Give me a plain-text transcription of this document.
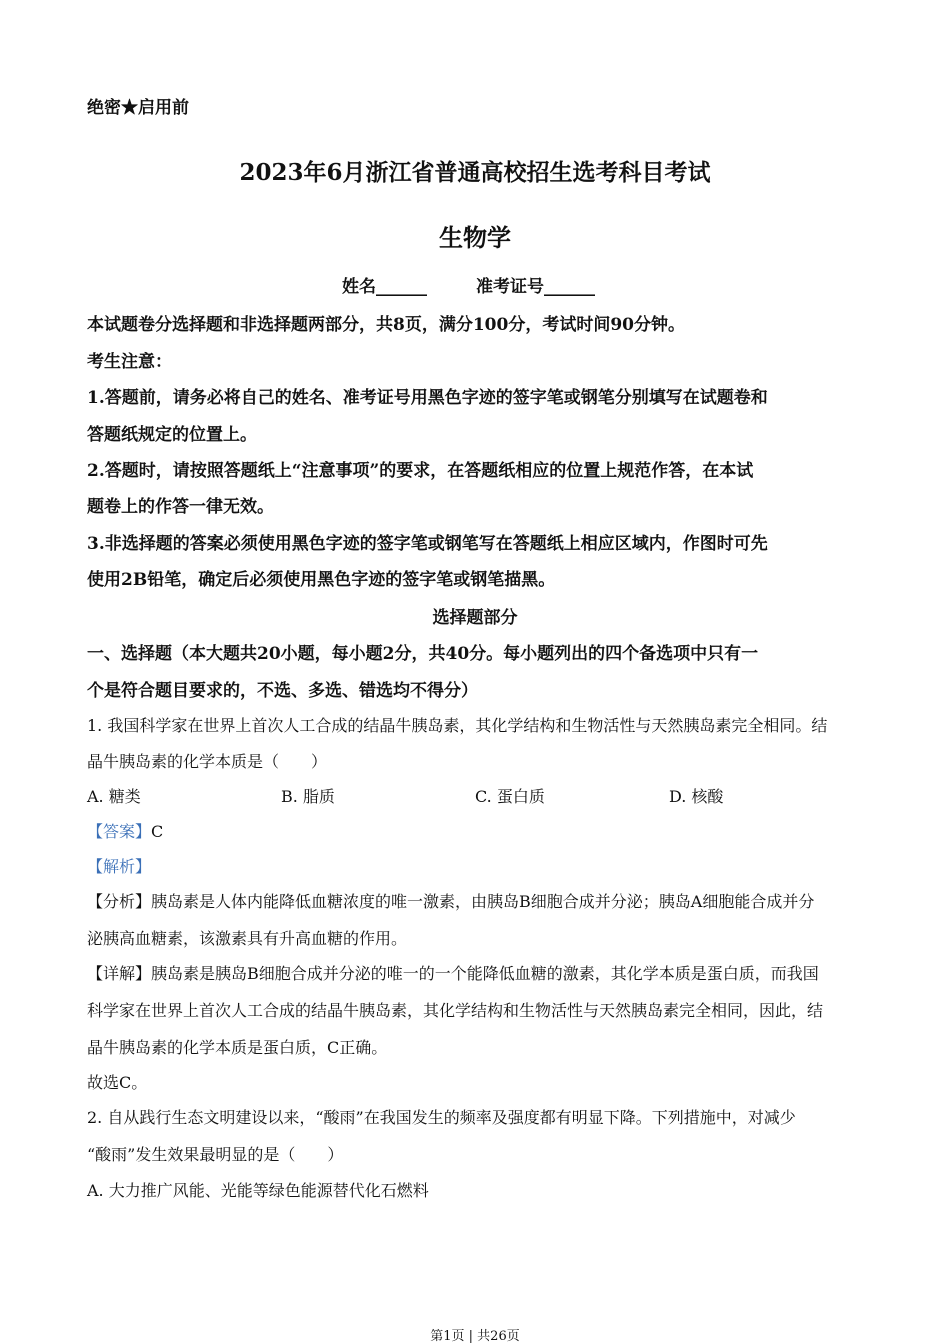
绝密★启用前
2023年6月浙江省普通高校招生选考科目考试
生物学
姓名______	准考证号______
本试题卷分选择题和非选择题两部分，共8页，满分100分，考试时间90分钟。
考生注意：
1.答题前，请务必将自己的姓名、准考证号用黑色字迹的签字笔或钢笔分别填写在试题卷和
答题纸规定的位置上。
2.答题时，请按照答题纸上“注意事项”的要求，在答题纸相应的位置上规范作答，在本试
题卷上的作答一律无效。
3.非选择题的答案必须使用黑色字迹的签字笔或钢笔写在答题纸上相应区域内，作图时可先
使用2B铅笔，确定后必须使用黑色字迹的签字笔或钢笔描黑。
选择题部分
一、选择题（本大题共20小题，每小题2分，共40分。每小题列出的四个备选项中只有一
个是符合题目要求的，不选、多选、错选均不得分）
1. 我国科学家在世界上首次人工合成的结晶牛胰岛素，其化学结构和生物活性与天然胰岛素完全相同。结
晶牛胰岛素的化学本质是（　　）
A. 糖类	B. 脂质	C. 蛋白质	D. 核酸
【答案】C
【解析】
【分析】胰岛素是人体内能降低血糖浓度的唯一激素，由胰岛B细胞合成并分泌；胰岛A细胞能合成并分
泌胰高血糖素，该激素具有升高血糖的作用。
【详解】胰岛素是胰岛B细胞合成并分泌的唯一的一个能降低血糖的激素，其化学本质是蛋白质，而我国
科学家在世界上首次人工合成的结晶牛胰岛素，其化学结构和生物活性与天然胰岛素完全相同，因此，结
晶牛胰岛素的化学本质是蛋白质，C正确。
故选C。
2. 自从践行生态文明建设以来，“酸雨”在我国发生的频率及强度都有明显下降。下列措施中，对减少
“酸雨”发生效果最明显的是（　　）
A. 大力推广风能、光能等绿色能源替代化石燃料
第1页 | 共26页
